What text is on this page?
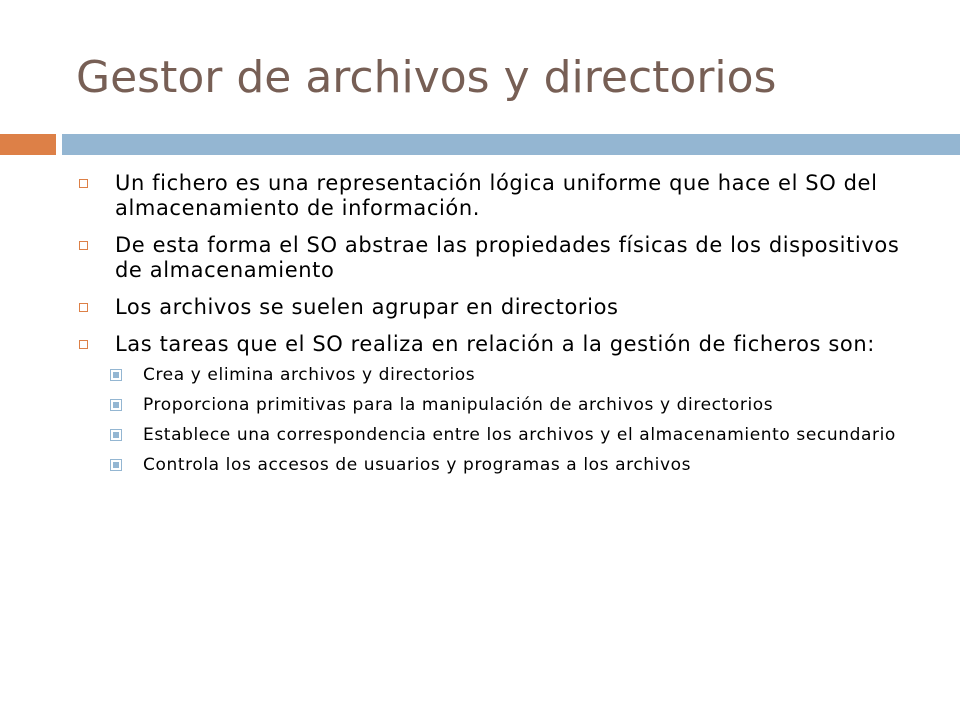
Gestor de archivos y directorios
Un fichero es una representación lógica uniforme que hace el SO del almacenamiento de información.
De esta forma el SO abstrae las propiedades físicas de los dispositivos de almacenamiento
Los archivos se suelen agrupar en directorios
Las tareas que el SO realiza en relación a la gestión de ficheros son:
Crea y elimina archivos y directorios
Proporciona primitivas para la manipulación de archivos y directorios
Establece una correspondencia entre los archivos y el almacenamiento secundario
Controla los accesos de usuarios y programas a los archivos
